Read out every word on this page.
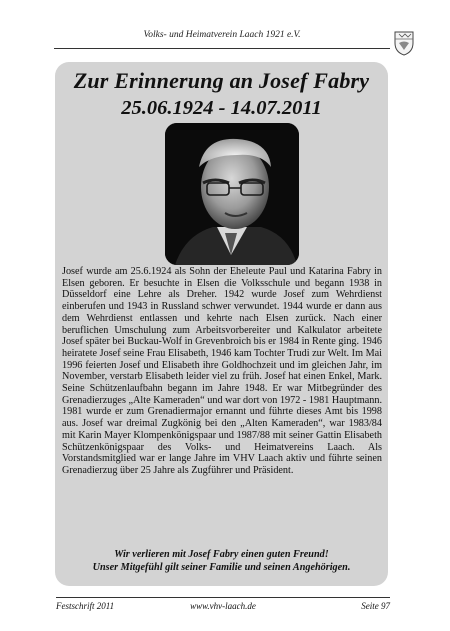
Volks- und Heimatverein Laach 1921 e.V.
Zur Erinnerung an Josef Fabry
25.06.1924 - 14.07.2011
Josef wurde am 25.6.1924 als Sohn der Eheleute Paul und Katarina Fabry in Elsen geboren. Er besuchte in Elsen die Volksschule und begann 1938 in Düsseldorf eine Lehre als Dreher. 1942 wurde Josef zum Wehrdienst einberufen und 1943 in Russland schwer verwundet. 1944 wurde er dann aus dem Wehrdienst entlassen und kehrte nach Elsen zurück. Nach einer beruflichen Umschulung zum Arbeitsvorbereiter und Kalkulator arbeitete Josef später bei Buckau-Wolf in Grevenbroich bis er 1984 in Rente ging. 1946 heiratete Josef seine Frau Elisabeth, 1946 kam Tochter Trudi zur Welt. Im Mai 1996 feierten Josef und Elisabeth ihre Goldhochzeit und im gleichen Jahr, im November, verstarb Elisabeth leider viel zu früh. Josef hat einen Enkel, Mark. Seine Schützenlaufbahn begann im Jahre 1948. Er war Mitbegründer des Grenadierzuges „Alte Kameraden“ und war dort von 1972 - 1981 Hauptmann. 1981 wurde er zum Grenadiermajor ernannt und führte dieses Amt bis 1998 aus. Josef war dreimal Zugkönig bei den „Alten Kameraden“, war 1983/84 mit Karin Mayer Klompenkönigspaar und 1987/88 mit seiner Gattin Elisabeth Schützenkönigspaar des Volks- und Heimatvereins Laach. Als Vorstandsmitglied war er lange Jahre im VHV Laach aktiv und führte seinen Grenadierzug über 25 Jahre als Zugführer und Präsident.
Wir verlieren mit Josef Fabry einen guten Freund!
Unser Mitgefühl gilt seiner Familie und seinen Angehörigen.
Festschrift 2011	www.vhv-laach.de	Seite 97
